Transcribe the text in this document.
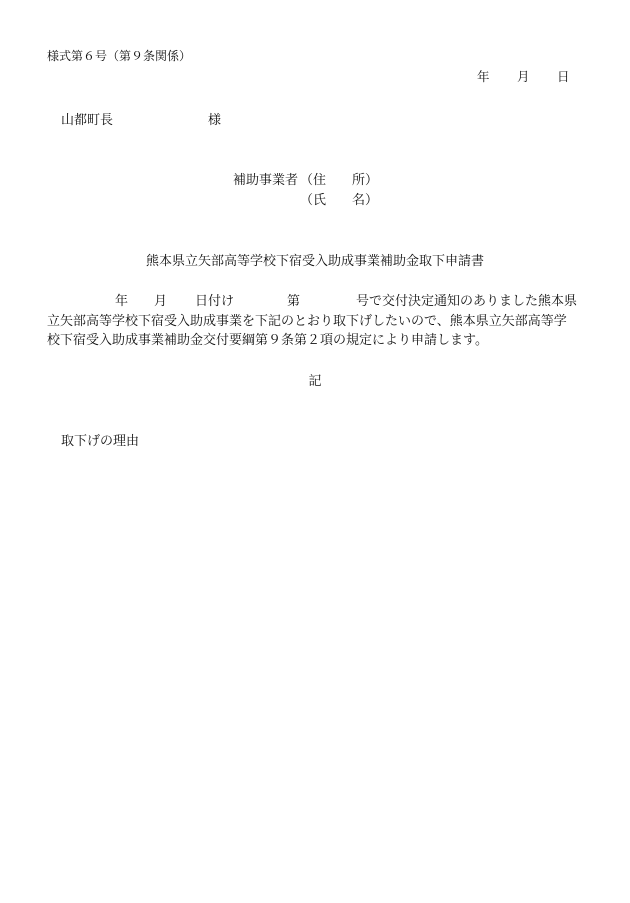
様式第６号（第９条関係）
年 月 日
山都町長	様
補助事業者 （住　　所）
（氏　　名）
熊本県立矢部高等学校下宿受入助成事業補助金取下申請書
年 月 日付け	第	号で交付決定通知のありました熊本県
立矢部高等学校下宿受入助成事業を下記のとおり取下げしたいので、熊本県立矢部高等学
校下宿受入助成事業補助金交付要綱第９条第２項の規定により申請します。
記
取下げの理由
